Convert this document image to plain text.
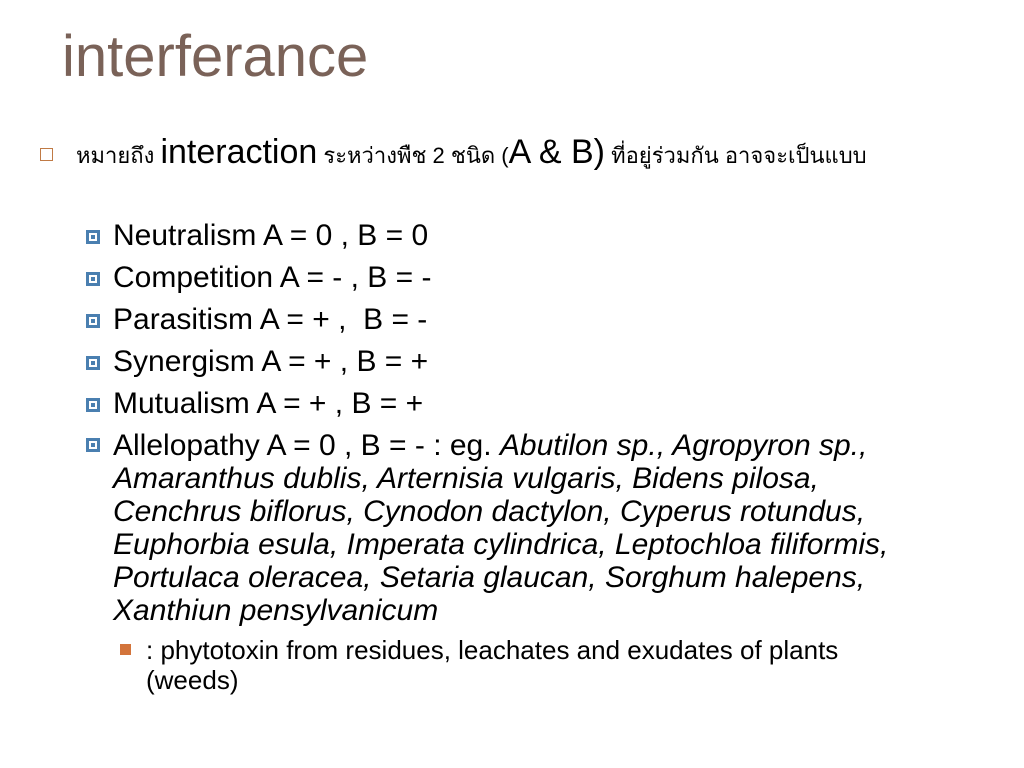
interferance
หมายถึง interaction ระหว่างพืช 2 ชนิด (A & B) ที่อยู่ร่วมกัน อาจจะเป็นแบบ
Neutralism A = 0 , B = 0
Competition A = - , B = -
Parasitism A = + ,  B = -
Synergism A = + , B = +
Mutualism A = + , B = +
Allelopathy A = 0 , B = - : eg. Abutilon sp., Agropyron sp., Amaranthus dublis, Arternisia vulgaris, Bidens pilosa, Cenchrus biflorus, Cynodon dactylon, Cyperus rotundus, Euphorbia esula, Imperata cylindrica, Leptochloa filiformis, Portulaca oleracea, Setaria glaucan, Sorghum halepens, Xanthiun pensylvanicum
: phytotoxin from residues, leachates and exudates of plants (weeds)
